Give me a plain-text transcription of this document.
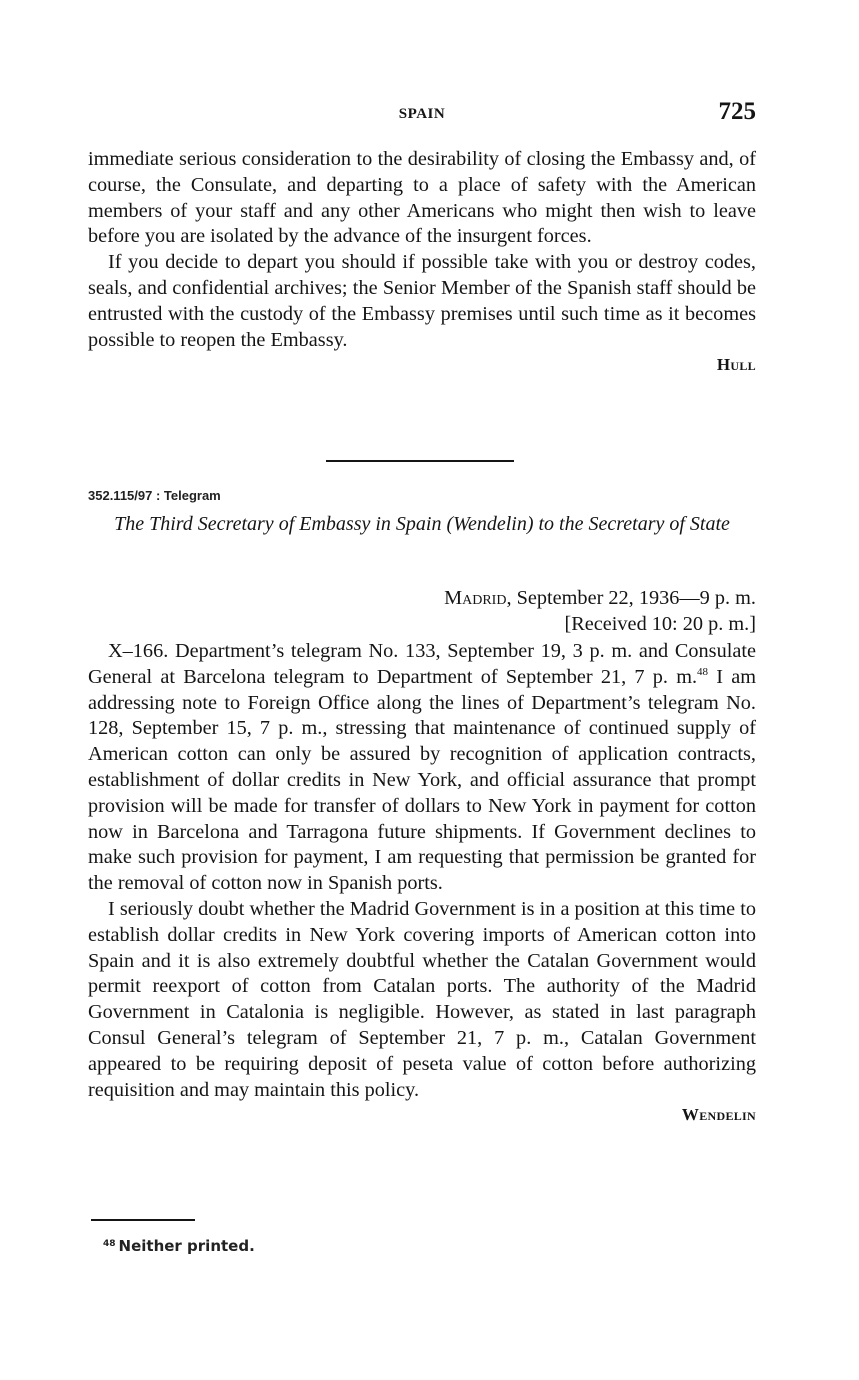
SPAIN	725

immediate serious consideration to the desirability of closing the Embassy and, of course, the Consulate, and departing to a place of safety with the American members of your staff and any other Americans who might then wish to leave before you are isolated by the advance of the insurgent forces.

If you decide to depart you should if possible take with you or destroy codes, seals, and confidential archives; the Senior Member of the Spanish staff should be entrusted with the custody of the Embassy premises until such time as it becomes possible to reopen the Embassy.

Hull
352.115/97 : Telegram
The Third Secretary of Embassy in Spain (Wendelin) to the Secretary of State
Madrid, September 22, 1936—9 p. m.
[Received 10: 20 p. m.]

X–166. Department’s telegram No. 133, September 19, 3 p. m. and Consulate General at Barcelona telegram to Department of September 21, 7 p. m.$^{48}$ I am addressing note to Foreign Office along the lines of Department’s telegram No. 128, September 15, 7 p. m., stressing that maintenance of continued supply of American cotton can only be assured by recognition of application contracts, establishment of dollar credits in New York, and official assurance that prompt provision will be made for transfer of dollars to New York in payment for cotton now in Barcelona and Tarragona future shipments. If Government declines to make such provision for payment, I am requesting that permission be granted for the removal of cotton now in Spanish ports.

I seriously doubt whether the Madrid Government is in a position at this time to establish dollar credits in New York covering imports of American cotton into Spain and it is also extremely doubtful whether the Catalan Government would permit reexport of cotton from Catalan ports. The authority of the Madrid Government in Catalonia is negligible. However, as stated in last paragraph Consul General’s telegram of September 21, 7 p. m., Catalan Government appeared to be requiring deposit of peseta value of cotton before authorizing requisition and may maintain this policy.

Wendelin
$^{48}$ Neither printed.
